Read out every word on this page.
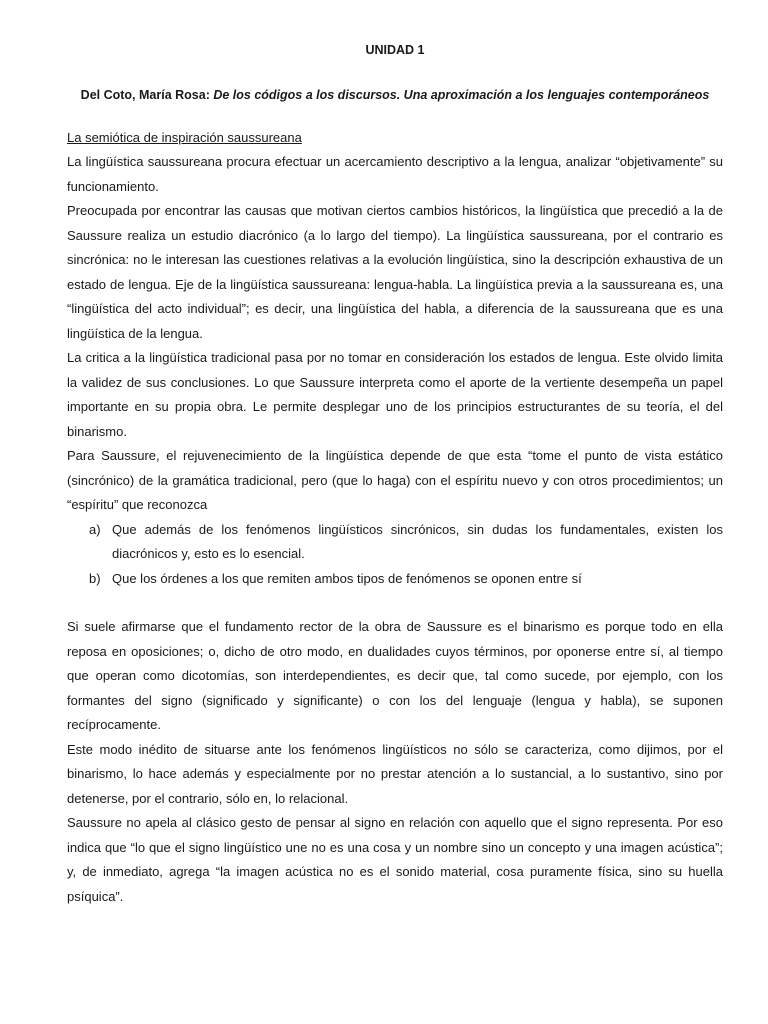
UNIDAD 1
Del Coto, María Rosa: De los códigos a los discursos. Una aproximación a los lenguajes contemporáneos
La semiótica de inspiración saussureana

La lingüística saussureana procura efectuar un acercamiento descriptivo a la lengua, analizar “objetivamente” su funcionamiento.

Preocupada por encontrar las causas que motivan ciertos cambios históricos, la lingüística que precedió a la de Saussure realiza un estudio diacrónico (a lo largo del tiempo). La lingüística saussureana, por el contrario es sincrónica: no le interesan las cuestiones relativas a la evolución lingüística, sino la descripción exhaustiva de un estado de lengua. Eje de la lingüística saussureana: lengua-habla. La lingüística previa a la saussureana es, una “lingüística del acto individual”; es decir, una lingüística del habla, a diferencia de la saussureana que es una lingüística de la lengua.

La critica a la lingüística tradicional pasa por no tomar en consideración los estados de lengua. Este olvido limita la validez de sus conclusiones. Lo que Saussure interpreta como el aporte de la vertiente desempeña un papel importante en su propia obra. Le permite desplegar uno de los principios estructurantes de su teoría, el del binarismo.

Para Saussure, el rejuvenecimiento de la lingüística depende de que esta “tome el punto de vista estático (sincrónico) de la gramática tradicional, pero (que lo haga) con el espíritu nuevo y con otros procedimientos; un “espíritu” que reconozca

a) Que además de los fenómenos lingüísticos sincrónicos, sin dudas los fundamentales, existen los diacrónicos y, esto es lo esencial.
b) Que los órdenes a los que remiten ambos tipos de fenómenos se oponen entre sí

Si suele afirmarse que el fundamento rector de la obra de Saussure es el binarismo es porque todo en ella reposa en oposiciones; o, dicho de otro modo, en dualidades cuyos términos, por oponerse entre sí, al tiempo que operan como dicotomías, son interdependientes, es decir que, tal como sucede, por ejemplo, con los formantes del signo (significado y significante) o con los del lenguaje (lengua y habla), se suponen recíprocamente.

Este modo inédito de situarse ante los fenómenos lingüísticos no sólo se caracteriza, como dijimos, por el binarismo, lo hace además y especialmente por no prestar atención a lo sustancial, a lo sustantivo, sino por detenerse, por el contrario, sólo en, lo relacional.

Saussure no apela al clásico gesto de pensar al signo en relación con aquello que el signo representa. Por eso indica que “lo que el signo lingüístico une no es una cosa y un nombre sino un concepto y una imagen acústica”; y, de inmediato, agrega “la imagen acústica no es el sonido material, cosa puramente física, sino su huella psíquica”.
